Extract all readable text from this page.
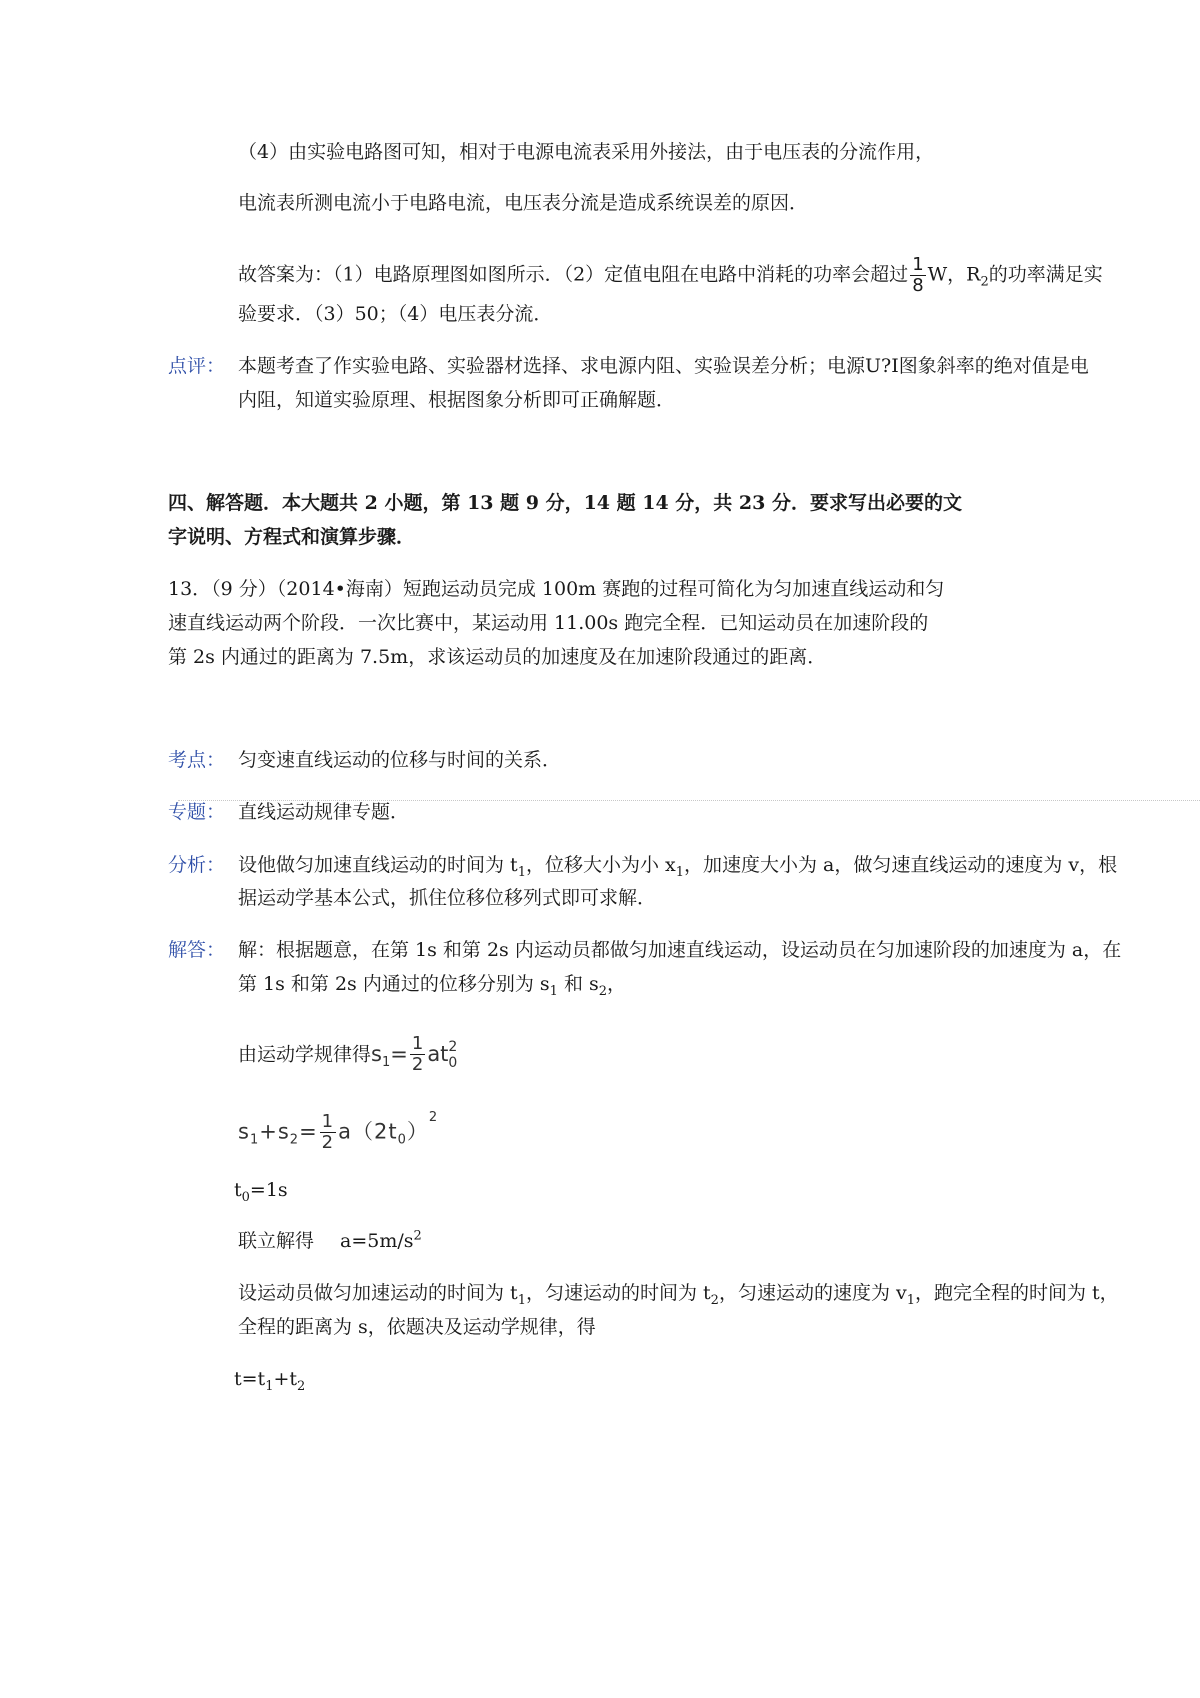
（4）由实验电路图可知，相对于电源电流表采用外接法，由于电压表的分流作用，
电流表所测电流小于电路电流，电压表分流是造成系统误差的原因．
故答案为：（1）电路原理图如图所示．（2）定值电阻在电路中消耗的功率会超过 $\frac{1}{8}$ W，$R_2$的功率满足实
验要求．（3）50；（4）电压表分流．
点评： 本题考查了作实验电路、实验器材选择、求电源内阻、实验误差分析；电源U?I图象斜率的绝对值是电
内阻，知道实验原理、根据图象分析即可正确解题．
四、解答题．本大题共 2 小题，第 13 题 9 分，14 题 14 分，共 23 分．要求写出必要的文
字说明、方程式和演算步骤．
13．（9 分）（2014•海南）短跑运动员完成 100m 赛跑的过程可简化为匀加速直线运动和匀
速直线运动两个阶段．一次比赛中，某运动用 11.00s 跑完全程．已知运动员在加速阶段的
第 2s 内通过的距离为 7.5m，求该运动员的加速度及在加速阶段通过的距离．
考点： 匀变速直线运动的位移与时间的关系．
专题： 直线运动规律专题．
分析： 设他做匀加速直线运动的时间为 $t_1$，位移大小为小 $x_1$，加速度大小为 a，做匀速直线运动的速度为 v，根
据运动学基本公式，抓住位移位移列式即可求解．
解答： 解：根据题意，在第 1s 和第 2s 内运动员都做匀加速直线运动，设运动员在匀加速阶段的加速度为 a，在
第 1s 和第 2s 内通过的位移分别为 $s_1$ 和 $s_2$，
由运动学规律得$s_1= \frac{1}{2}$ at 2
0
$s_1+s_2= \frac{1}{2} a(2t_0)^2$
$t_0=1s$
联立解得 $a=5m/s^2$
设运动员做匀加速运动的时间为 $t_1$，匀速运动的时间为 $t_2$，匀速运动的速度为 $v_1$，跑完全程的时间为 t，
全程的距离为 s，依题决及运动学规律，得
$t=t_1+t_2$
